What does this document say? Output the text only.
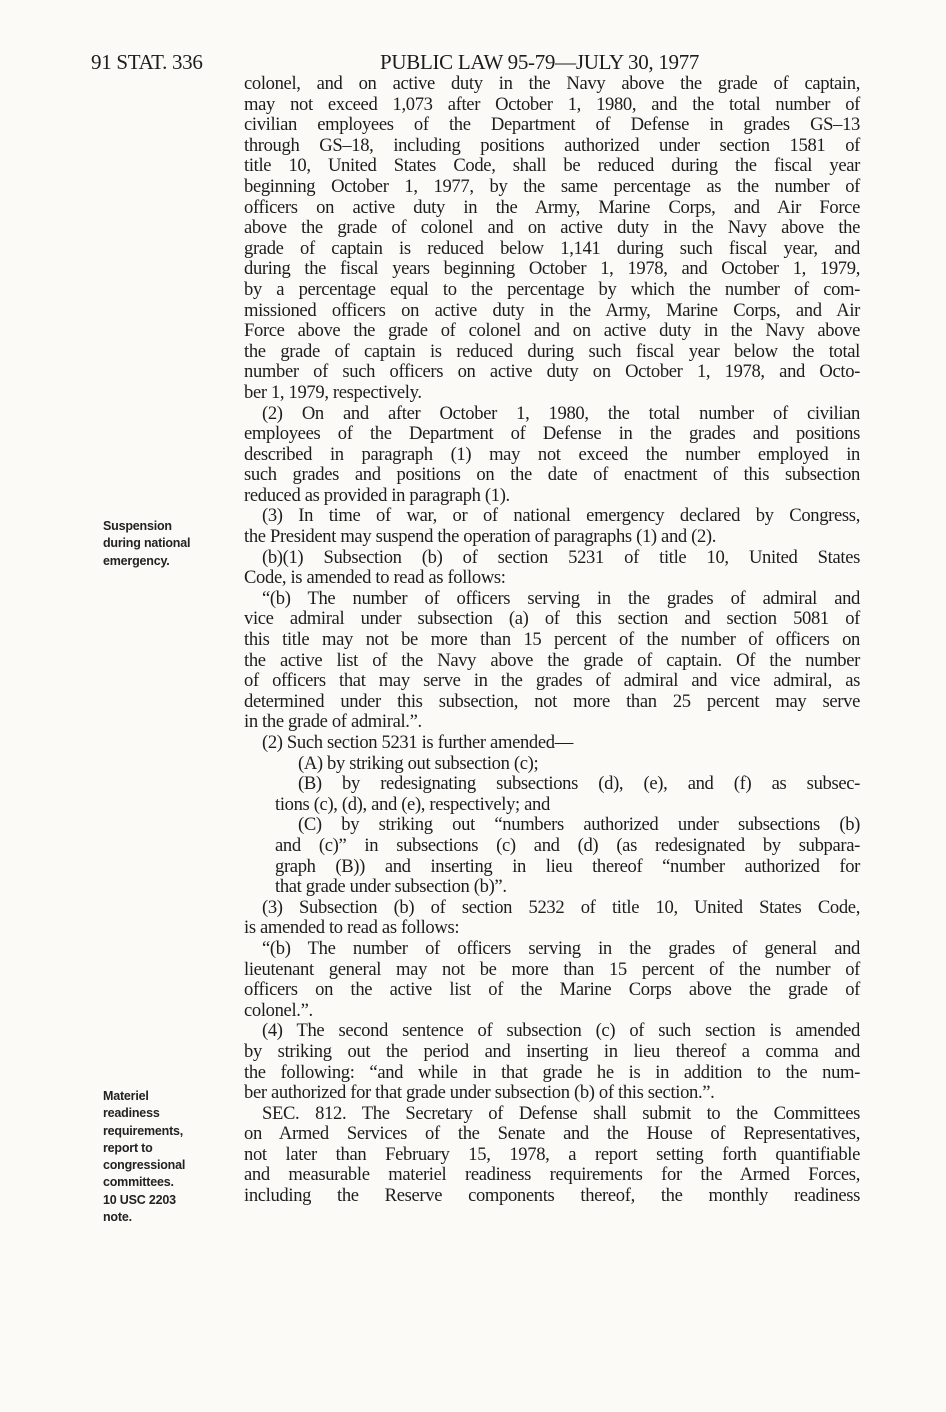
91 STAT. 336	PUBLIC LAW 95-79—JULY 30, 1977
Suspension
during national
emergency.
Materiel
readiness
requirements,
report to
congressional
committees.
10 USC 2203
note.
colonel, and on active duty in the Navy above the grade of captain,
may not exceed 1,073 after October 1, 1980, and the total number of
civilian employees of the Department of Defense in grades GS–13
through GS–18, including positions authorized under section 1581 of
title 10, United States Code, shall be reduced during the fiscal year
beginning October 1, 1977, by the same percentage as the number of
officers on active duty in the Army, Marine Corps, and Air Force
above the grade of colonel and on active duty in the Navy above the
grade of captain is reduced below 1,141 during such fiscal year, and
during the fiscal years beginning October 1, 1978, and October 1, 1979,
by a percentage equal to the percentage by which the number of com-
missioned officers on active duty in the Army, Marine Corps, and Air
Force above the grade of colonel and on active duty in the Navy above
the grade of captain is reduced during such fiscal year below the total
number of such officers on active duty on October 1, 1978, and Octo-
ber 1, 1979, respectively.
(2) On and after October 1, 1980, the total number of civilian
employees of the Department of Defense in the grades and positions
described in paragraph (1) may not exceed the number employed in
such grades and positions on the date of enactment of this subsection
reduced as provided in paragraph (1).
(3) In time of war, or of national emergency declared by Congress,
the President may suspend the operation of paragraphs (1) and (2).
(b)(1) Subsection (b) of section 5231 of title 10, United States
Code, is amended to read as follows:
“(b) The number of officers serving in the grades of admiral and
vice admiral under subsection (a) of this section and section 5081 of
this title may not be more than 15 percent of the number of officers on
the active list of the Navy above the grade of captain. Of the number
of officers that may serve in the grades of admiral and vice admiral, as
determined under this subsection, not more than 25 percent may serve
in the grade of admiral.”.
(2) Such section 5231 is further amended—
(A) by striking out subsection (c);
(B) by redesignating subsections (d), (e), and (f) as subsec-
tions (c), (d), and (e), respectively; and
(C) by striking out “numbers authorized under subsections (b)
and (c)” in subsections (c) and (d) (as redesignated by subpara-
graph (B)) and inserting in lieu thereof “number authorized for
that grade under subsection (b)”.
(3) Subsection (b) of section 5232 of title 10, United States Code,
is amended to read as follows:
“(b) The number of officers serving in the grades of general and
lieutenant general may not be more than 15 percent of the number of
officers on the active list of the Marine Corps above the grade of
colonel.”.
(4) The second sentence of subsection (c) of such section is amended
by striking out the period and inserting in lieu thereof a comma and
the following: “and while in that grade he is in addition to the num-
ber authorized for that grade under subsection (b) of this section.”.
SEC. 812. The Secretary of Defense shall submit to the Committees
on Armed Services of the Senate and the House of Representatives,
not later than February 15, 1978, a report setting forth quantifiable
and measurable materiel readiness requirements for the Armed Forces,
including the Reserve components thereof, the monthly readiness
